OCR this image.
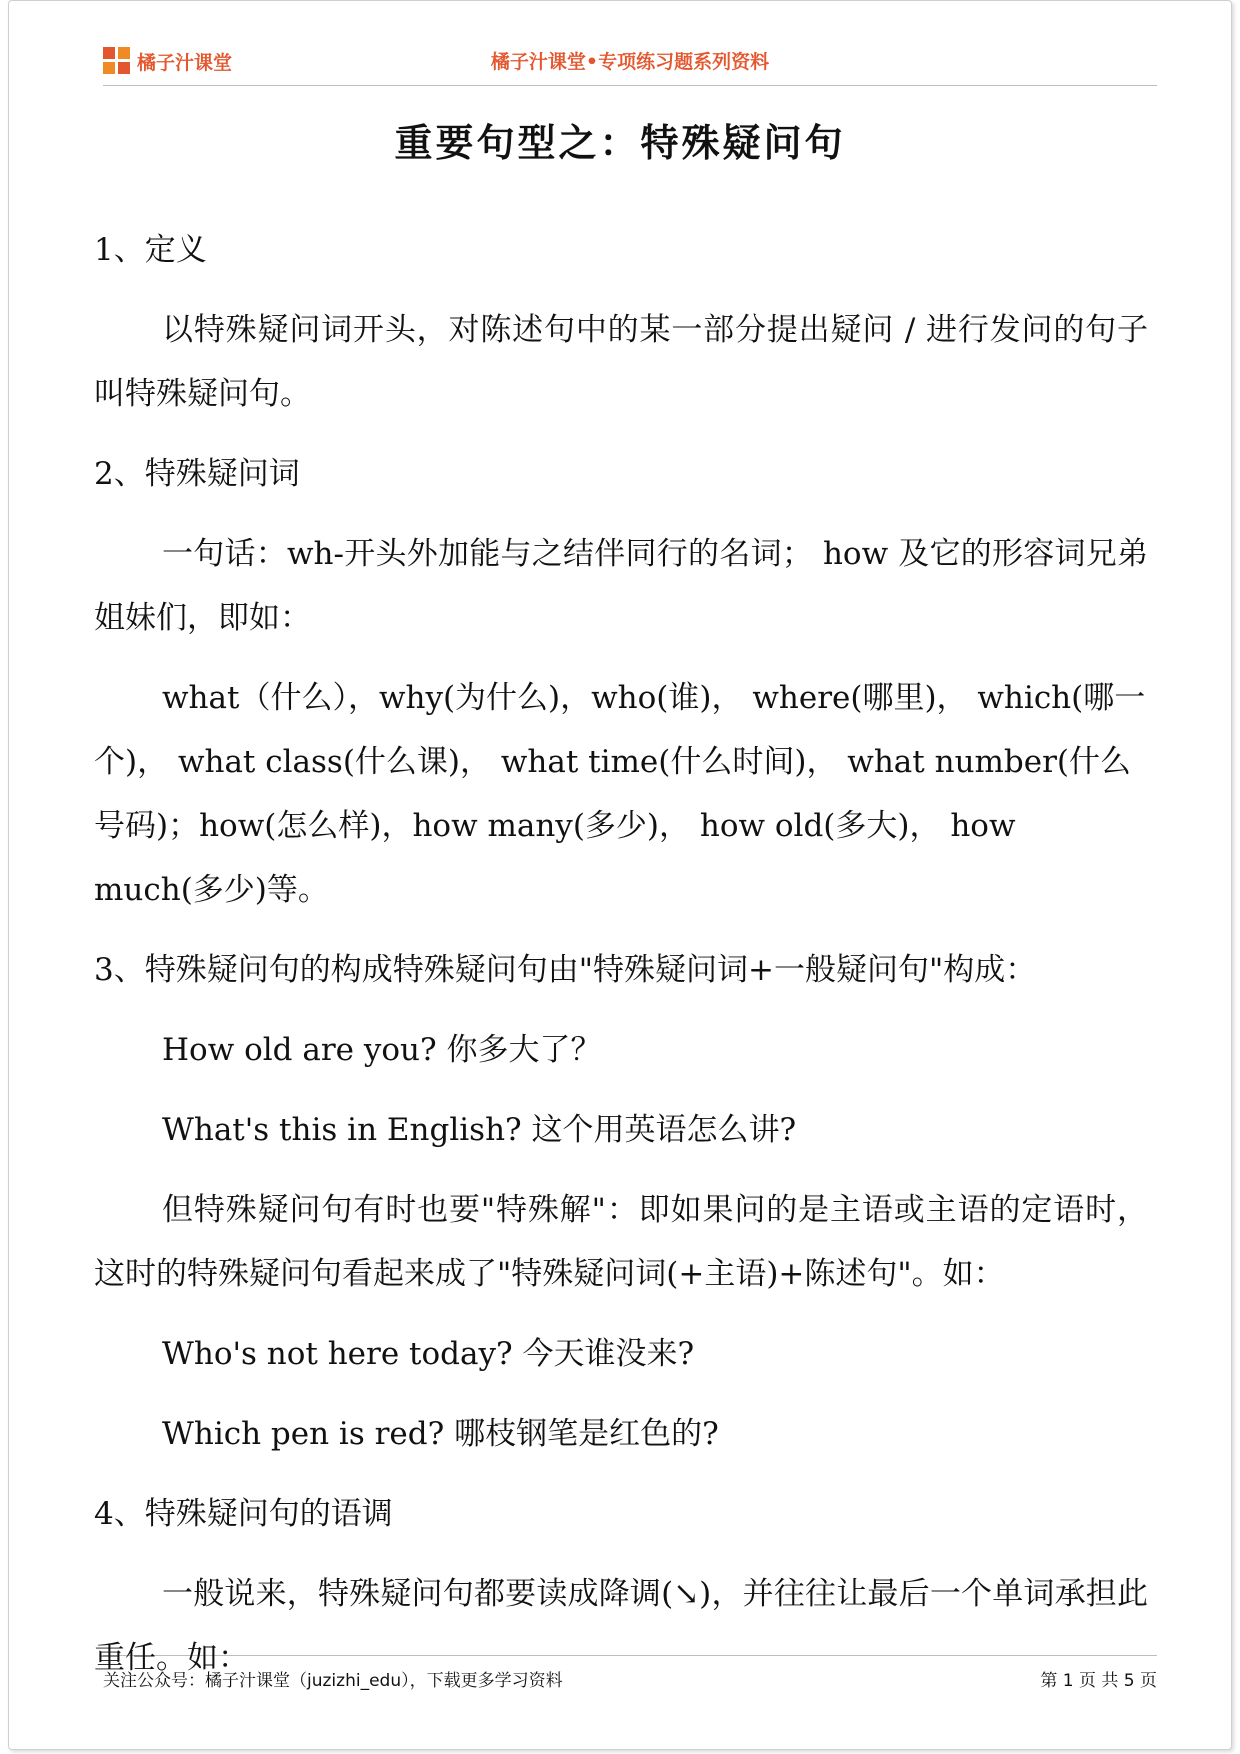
橘子汁课堂	橘子汁课堂•专项练习题系列资料
关注公众号：橘子汁课堂（juzizhi_edu），下载更多学习资料	第 1 页 共 5 页
重要句型之：特殊疑问句

1、定义

以特殊疑问词开头，对陈述句中的某一部分提出疑问 / 进行发问的句子叫特殊疑问句。

2、特殊疑问词

一句话：wh-开头外加能与之结伴同行的名词； how 及它的形容词兄弟姐妹们，即如：

what（什么），why(为什么)，who(谁)， where(哪里)， which(哪一个)， what class(什么课)， what time(什么时间)， what number(什么号码)；how(怎么样)，how many(多少)， how old(多大)， how much(多少)等。

3、特殊疑问句的构成特殊疑问句由"特殊疑问词+一般疑问句"构成：

How old are you? 你多大了？

What's this in English? 这个用英语怎么讲?

但特殊疑问句有时也要"特殊解"：即如果问的是主语或主语的定语时，这时的特殊疑问句看起来成了"特殊疑问词(+主语)+陈述句"。如：

Who's not here today? 今天谁没来?

Which pen is red? 哪枝钢笔是红色的?

4、特殊疑问句的语调

一般说来，特殊疑问句都要读成降调(↘)，并往往让最后一个单词承担此重任。如：
